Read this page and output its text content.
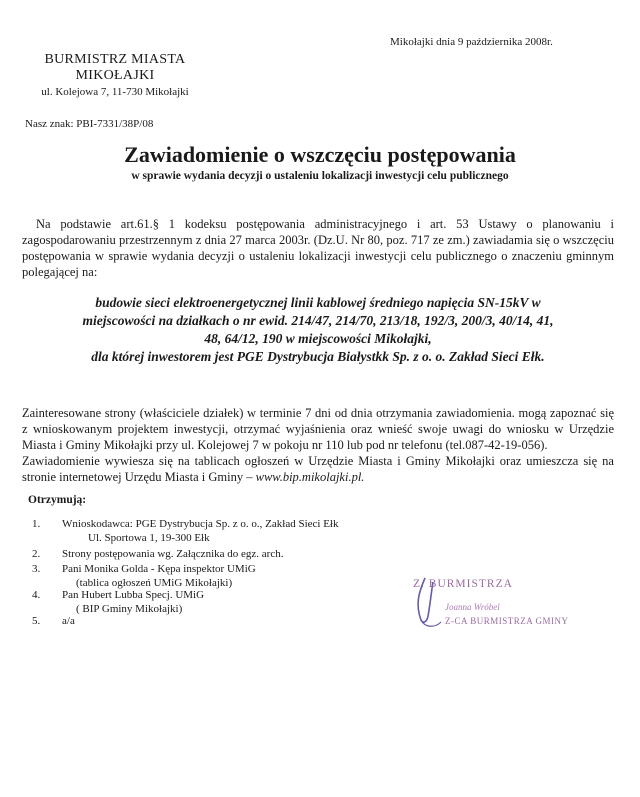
Mikołajki dnia 9 października 2008r.
BURMISTRZ MIASTA
MIKOŁAJKI
ul. Kolejowa 7, 11-730 Mikołajki
Nasz znak: PBI-7331/38P/08
Zawiadomienie o wszczęciu postępowania
w sprawie wydania decyzji o ustaleniu lokalizacji inwestycji celu publicznego
Na podstawie art.61.§ 1 kodeksu postępowania administracyjnego i art. 53 Ustawy o planowaniu i zagospodarowaniu przestrzennym z dnia 27 marca 2003r. (Dz.U. Nr 80, poz. 717 ze zm.) zawiadamia się o wszczęciu postępowania w sprawie wydania decyzji o ustaleniu lokalizacji inwestycji celu publicznego o znaczeniu gminnym polegającej na:
budowie sieci elektroenergetycznej linii kablowej średniego napięcia SN-15kV w
miejscowości na działkach o nr ewid. 214/47, 214/70, 213/18, 192/3, 200/3, 40/14, 41,
48, 64/12, 190 w miejscowości Mikołajki,
dla której inwestorem jest PGE Dystrybucja Białystkk Sp. z o. o. Zakład Sieci Ełk.
Zainteresowane strony (właściciele działek) w terminie 7 dni od dnia otrzymania zawiadomienia. mogą zapoznać się z wnioskowanym projektem inwestycji, otrzymać wyjaśnienia oraz wnieść swoje uwagi do wniosku w Urzędzie Miasta i Gminy Mikołajki przy ul. Kolejowej 7 w pokoju nr 110 lub pod nr telefonu (tel.087-42-19-056).
Zawiadomienie wywiesza się na tablicach ogłoszeń w Urzędzie Miasta i Gminy Mikołajki oraz umieszcza się na stronie internetowej Urzędu Miasta i Gminy – www.bip.mikolajki.pl.
Otrzymują:
1.	Wnioskodawca: PGE Dystrybucja Sp. z o. o., Zakład Sieci Ełk
Ul. Sportowa 1, 19-300 Ełk
2.	Strony postępowania wg. Załącznika do egz. arch.
3.	Pani Monika Golda - Kępa inspektor UMiG
(tablica ogłoszeń UMiG Mikołajki)
4.	Pan Hubert Lubba Specj. UMiG
( BIP Gminy Mikołajki)
5.	a/a
Z. BURMISTRZA
Joanna Wróbel
Z-CA BURMISTRZA GMINY
